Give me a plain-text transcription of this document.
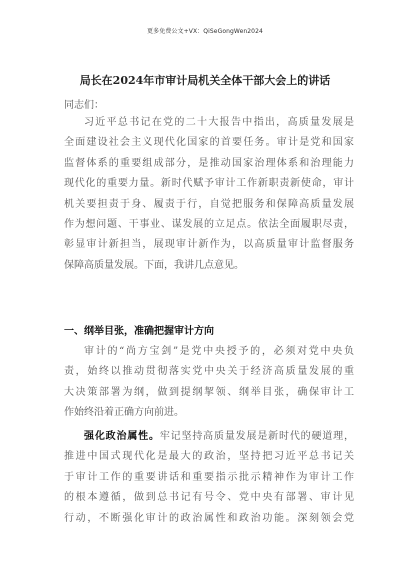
更多免费公文+VX：QiSeGongWen2024
局长在2024年市审计局机关全体干部大会上的讲话
同志们：
习近平总书记在党的二十大报告中指出，高质量发展是
全面建设社会主义现代化国家的首要任务。审计是党和国家
监督体系的重要组成部分，是推动国家治理体系和治理能力
现代化的重要力量。新时代赋予审计工作新职责新使命，审计
机关要担责于身、履责于行，自觉把服务和保障高质量发展
作为想问题、干事业、谋发展的立足点。依法全面履职尽责，
彰显审计新担当，展现审计新作为，以高质量审计监督服务
保障高质量发展。下面，我讲几点意见。
一、纲举目张，准确把握审计方向
审计的“尚方宝剑”是党中央授予的，必须对党中央负
责，始终以推动贯彻落实党中央关于经济高质量发展的重
大决策部署为纲，做到提纲挈领、纲举目张，确保审计工
作始终沿着正确方向前进。
强化政治属性。牢记坚持高质量发展是新时代的硬道理，
推进中国式现代化是最大的政治，坚持把习近平总书记关
于审计工作的重要讲话和重要指示批示精神作为审计工作
的根本遵循，做到总书记有号令、党中央有部署、审计见
行动，不断强化审计的政治属性和政治功能。深刻领会党
